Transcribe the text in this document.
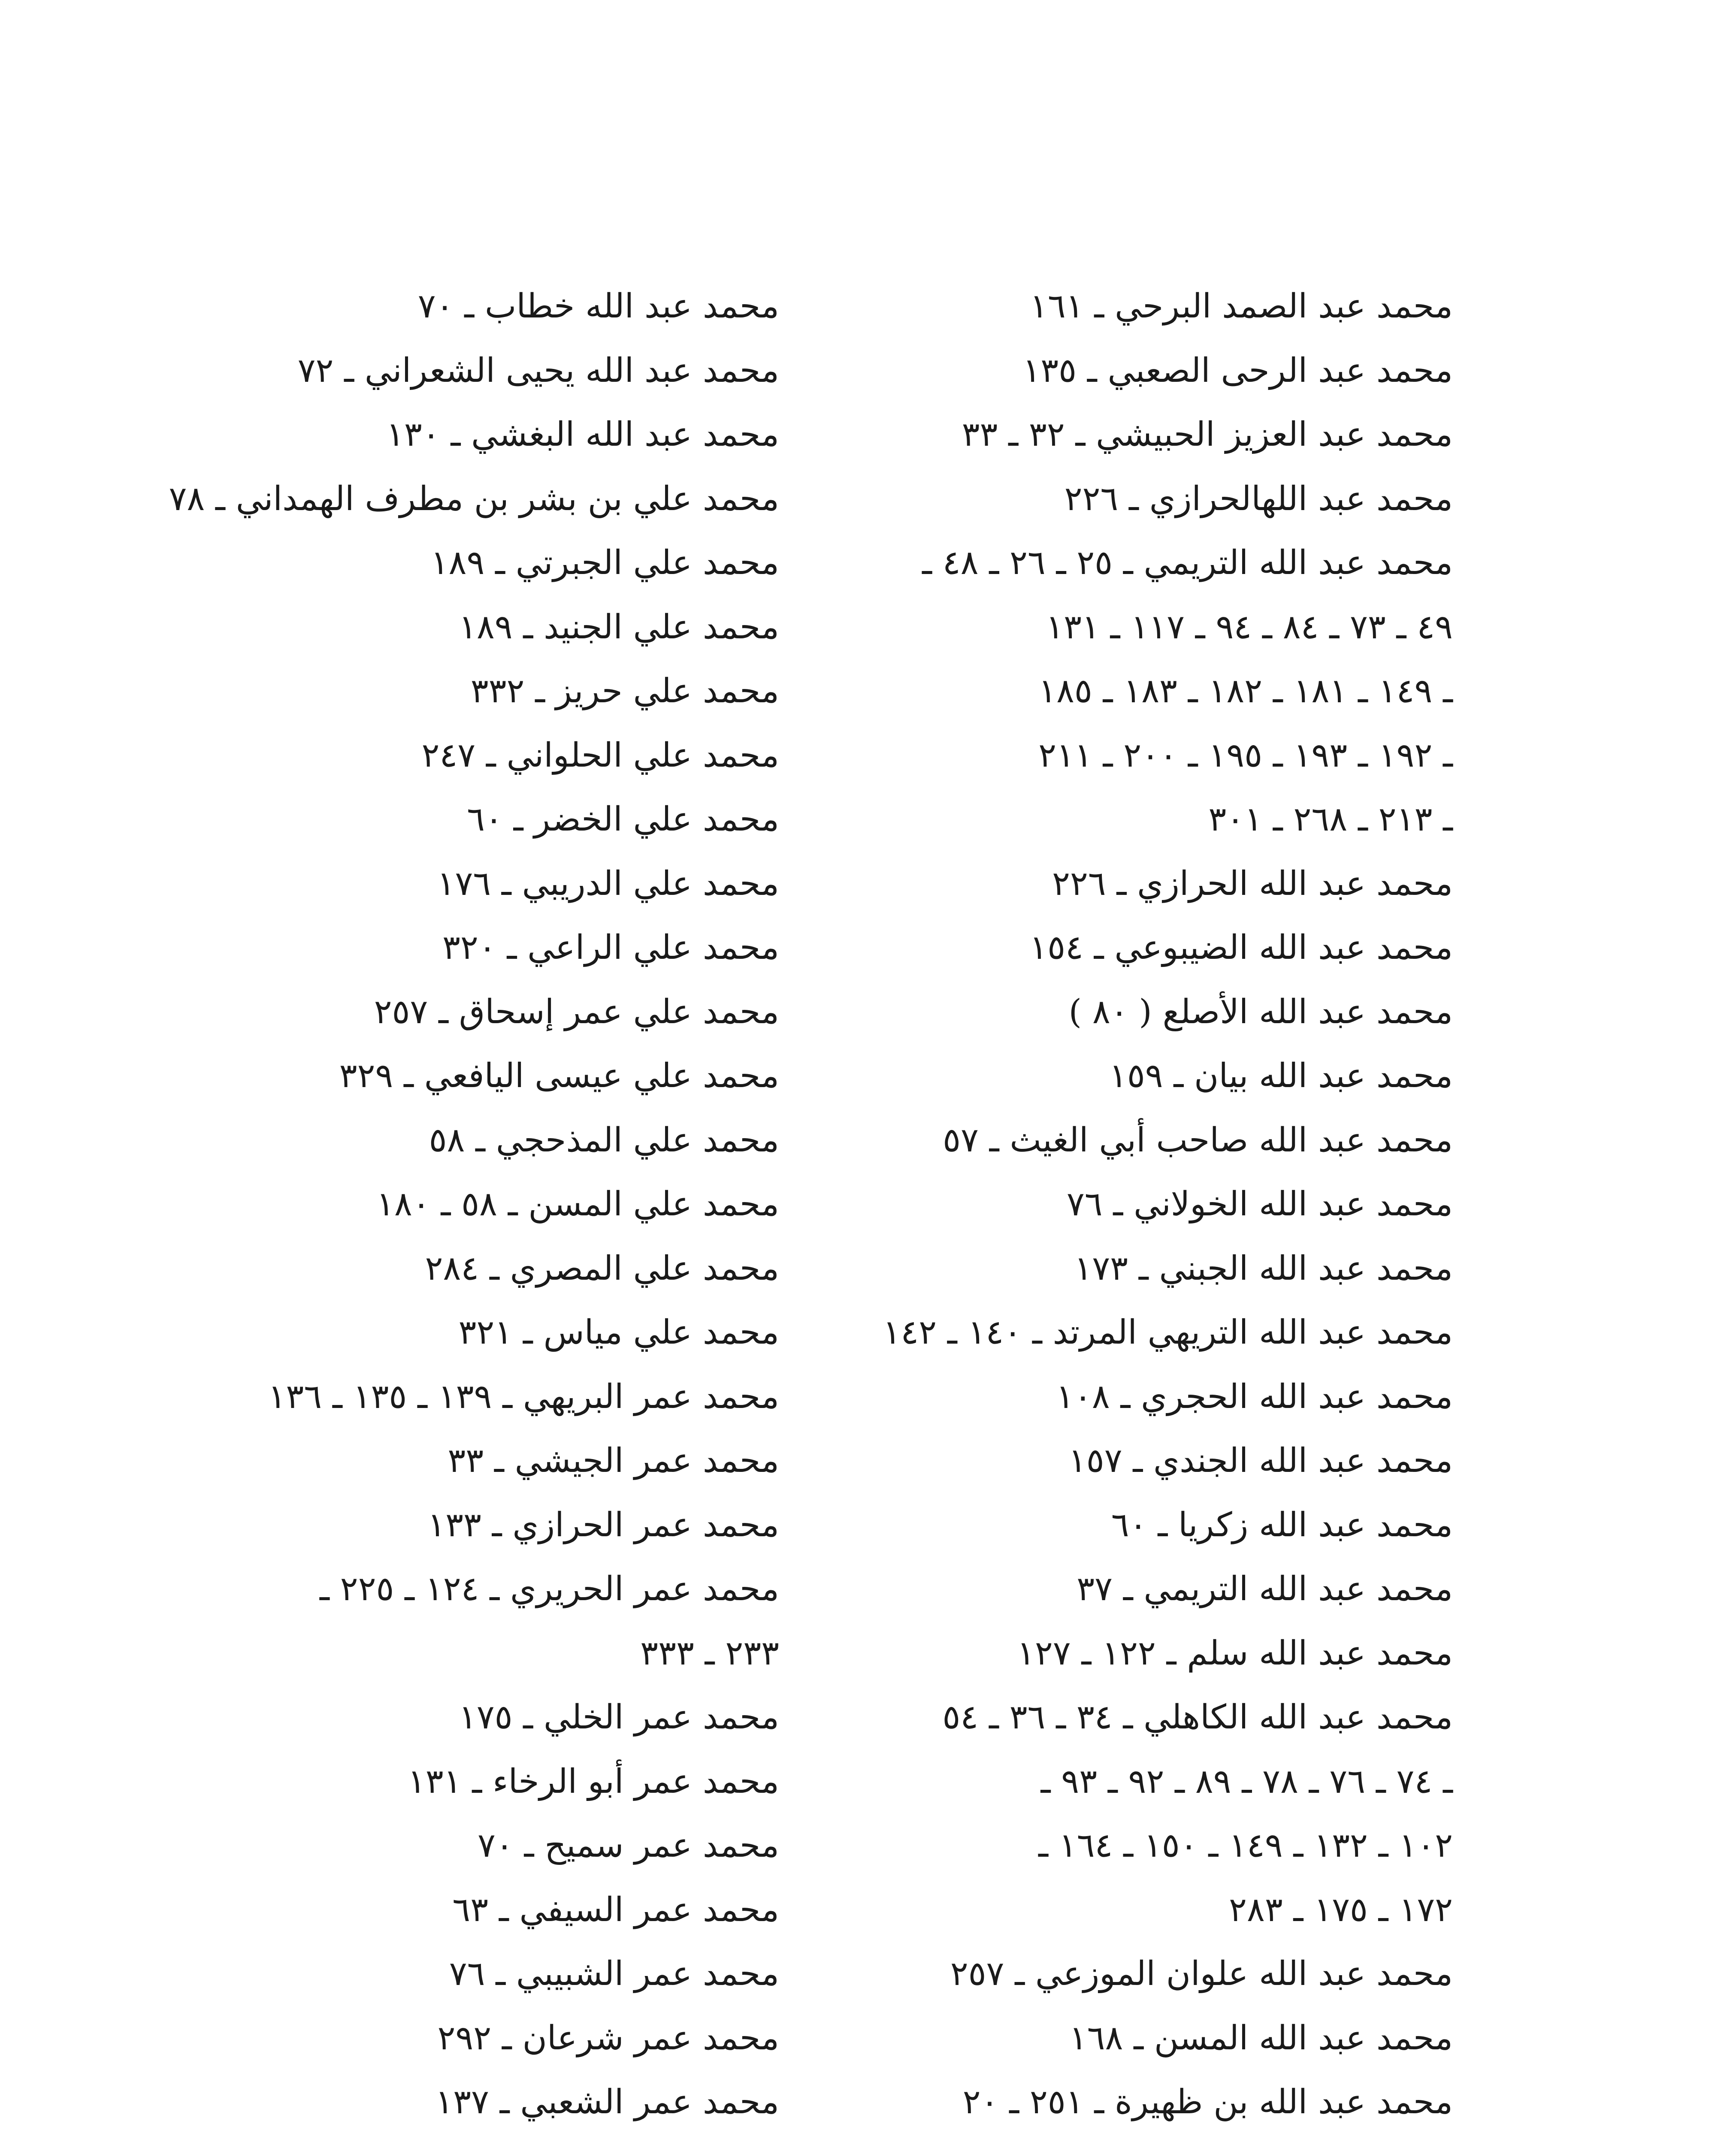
محمد عبد الصمد البرحي ـ ١٦١
محمد عبد الرحى الصعبي ـ ١٣٥
محمد عبد العزيز الحبيشي ـ ٣٢ ـ ٣٣
محمد عبد اللهالحرازي ـ ٢٢٦
محمد عبد الله التريمي ـ ٢٥ ـ ٢٦ ـ ٤٨ ـ
٤٩ ـ ٧٣ ـ ٨٤ ـ ٩٤ ـ ١١٧ ـ ١٣١
ـ ١٤٩ ـ ١٨١ ـ ١٨٢ ـ ١٨٣ ـ ١٨٥
ـ ١٩٢ ـ ١٩٣ ـ ١٩٥ ـ ٢٠٠ ـ ٢١١
ـ ٢١٣ ـ ٢٦٨ ـ ٣٠١
محمد عبد الله الحرازي ـ ٢٢٦
محمد عبد الله الضيبوعي ـ ١٥٤
محمد عبد الله الأصلع ( ٨٠ )
محمد عبد الله بيان ـ ١٥٩
محمد عبد الله صاحب أبي الغيث ـ ٥٧
محمد عبد الله الخولاني ـ ٧٦
محمد عبد الله الجبني ـ ١٧٣
محمد عبد الله التريهي المرتد ـ ١٤٠ ـ ١٤٢
محمد عبد الله الحجري ـ ١٠٨
محمد عبد الله الجندي ـ ١٥٧
محمد عبد الله زكريا ـ ٦٠
محمد عبد الله التريمي ـ ٣٧
محمد عبد الله سلم ـ ١٢٢ ـ ١٢٧
محمد عبد الله الكاهلي ـ ٣٤ ـ ٣٦ ـ ٥٤
ـ ٧٤ ـ ٧٦ ـ ٧٨ ـ ٨٩ ـ ٩٢ ـ ٩٣ ـ
١٠٢ ـ ١٣٢ ـ ١٤٩ ـ ١٥٠ ـ ١٦٤ ـ
١٧٢ ـ ١٧٥ ـ ٢٨٣
محمد عبد الله علوان الموزعي ـ ٢٥٧
محمد عبد الله المسن ـ ١٦٨
محمد عبد الله بن ظهيرة ـ ٢٥١ ـ ٢٠
محمد عبد الله خطاب ـ ٧٠
محمد عبد الله يحيى الشعراني ـ ٧٢
محمد عبد الله البغشي ـ ١٣٠
محمد علي بن بشر بن مطرف الهمداني ـ ٧٨
محمد علي الجبرتي ـ ١٨٩
محمد علي الجنيد ـ ١٨٩
محمد علي حريز ـ ٣٣٢
محمد علي الحلواني ـ ٢٤٧
محمد علي الخضر ـ ٦٠
محمد علي الدريبي ـ ١٧٦
محمد علي الراعي ـ ٣٢٠
محمد علي عمر إسحاق ـ ٢٥٧
محمد علي عيسى اليافعي ـ ٣٢٩
محمد علي المذحجي ـ ٥٨
محمد علي المسن ـ ٥٨ ـ ١٨٠
محمد علي المصري ـ ٢٨٤
محمد علي مياس ـ ٣٢١
محمد عمر البريهي ـ ١٣٩ ـ ١٣٥ ـ ١٣٦
محمد عمر الجيشي ـ ٣٣
محمد عمر الحرازي ـ ١٣٣
محمد عمر الحريري ـ ١٢٤ ـ ٢٢٥ ـ
٢٣٣ ـ ٣٣٣
محمد عمر الخلي ـ ١٧٥
محمد عمر أبو الرخاء ـ ١٣١
محمد عمر سميح ـ ٧٠
محمد عمر السيفي ـ ٦٣
محمد عمر الشبيبي ـ ٧٦
محمد عمر شرعان ـ ٢٩٢
محمد عمر الشعبي ـ ١٣٧
